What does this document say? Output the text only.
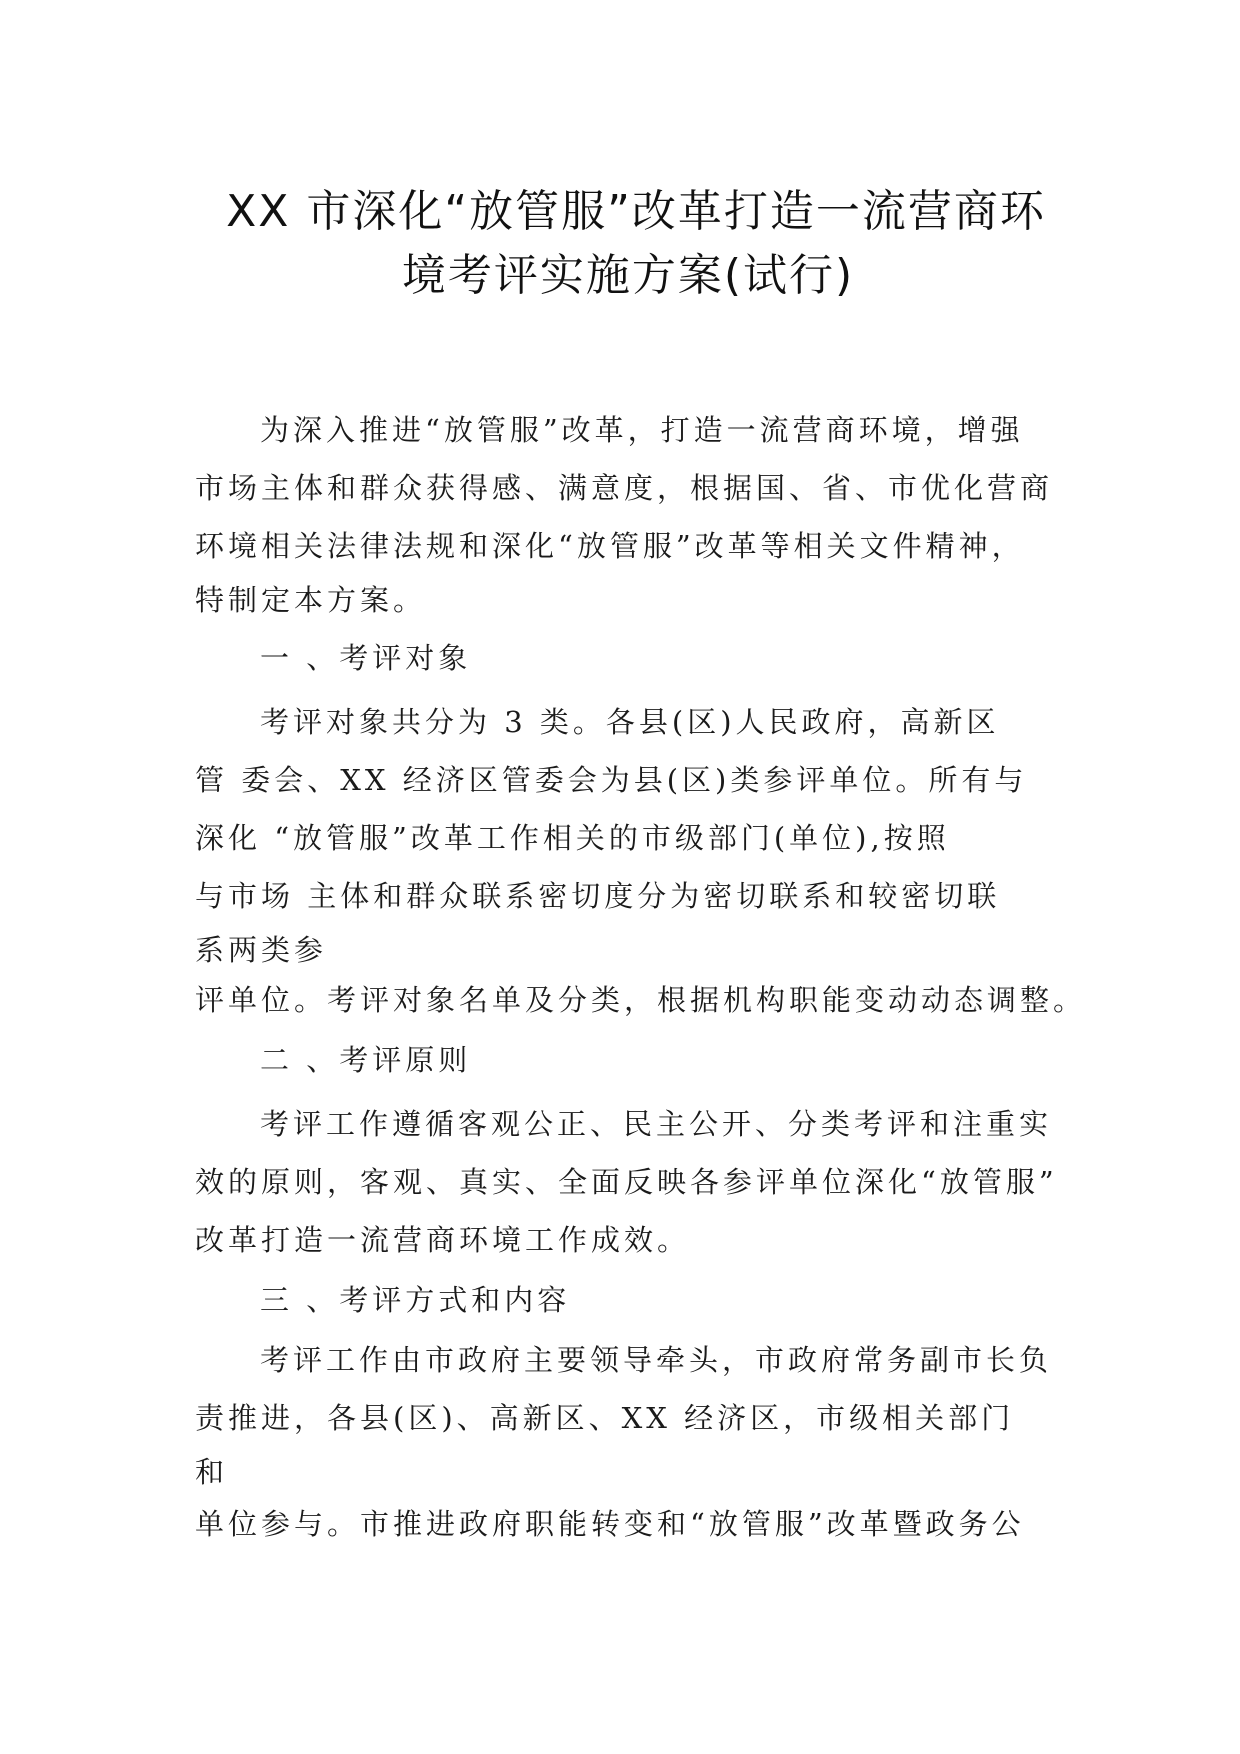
XX 市深化“放管服”改革打造一流营商环
境考评实施方案(试行)
为深入推进“放管服”改革，打造一流营商环境，增强
市场主体和群众获得感、满意度，根据国、省、市优化营商
环境相关法律法规和深化“放管服”改革等相关文件精神，
特制定本方案。
一 、考评对象
考评对象共分为 3 类。各县(区)人民政府，高新区
管 委会、XX 经济区管委会为县(区)类参评单位。所有与
深化 “放管服”改革工作相关的市级部门(单位),按照
与市场 主体和群众联系密切度分为密切联系和较密切联
系两类参
评单位。考评对象名单及分类，根据机构职能变动动态调整。
二 、考评原则
考评工作遵循客观公正、民主公开、分类考评和注重实
效的原则，客观、真实、全面反映各参评单位深化“放管服”
改革打造一流营商环境工作成效。
三 、考评方式和内容
考评工作由市政府主要领导牵头，市政府常务副市长负
责推进，各县(区)、高新区、XX 经济区，市级相关部门
和
单位参与。市推进政府职能转变和“放管服”改革暨政务公
